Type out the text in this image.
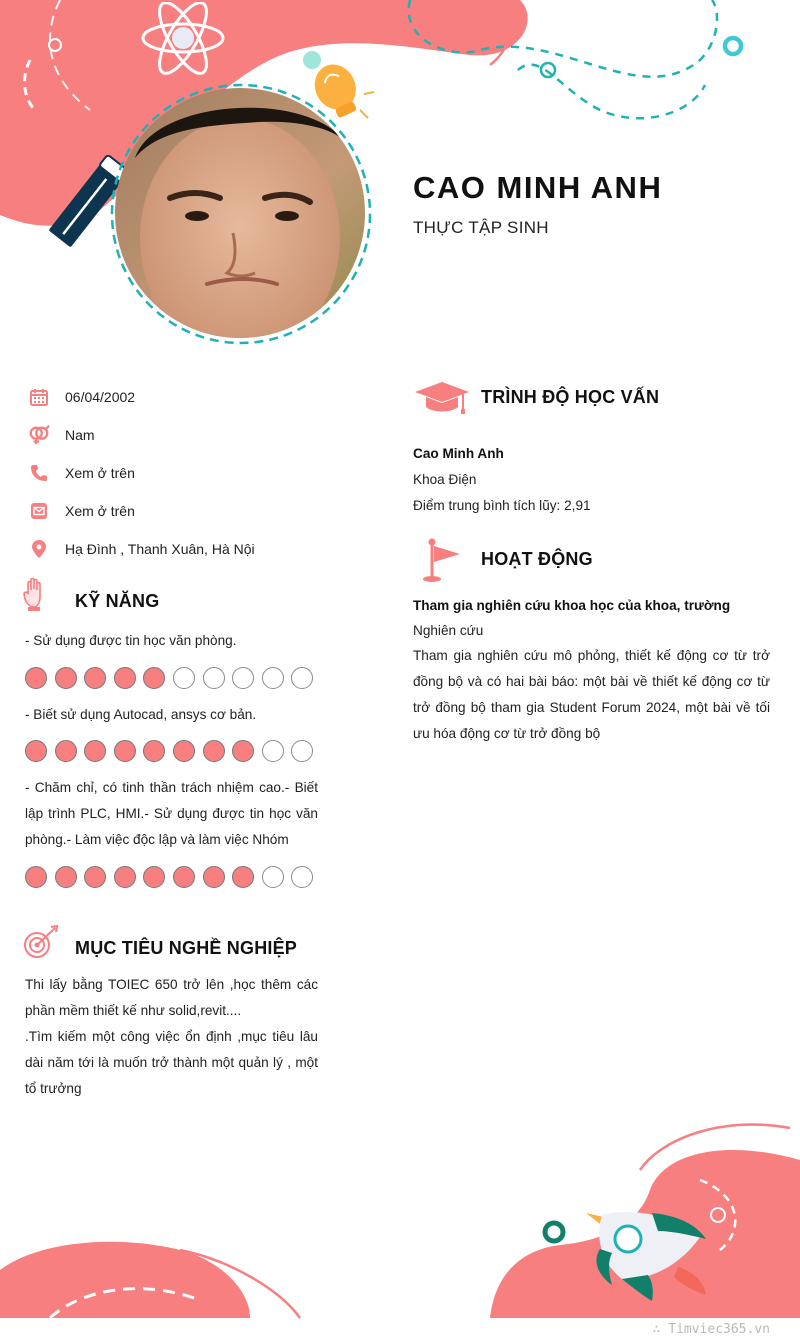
CAO MINH ANH
THỰC TẬP SINH
06/04/2002
Nam
Xem ở trên
Xem ở trên
Hạ Đình , Thanh Xuân, Hà Nội
KỸ NĂNG
- Sử dụng được tin học văn phòng.
- Biết sử dụng Autocad, ansys cơ bản.
- Chăm chỉ, có tinh thần trách nhiệm cao.- Biết lập trình PLC, HMI.- Sử dụng được tin học văn phòng.- Làm việc độc lập và làm việc Nhóm
MỤC TIÊU NGHỀ NGHIỆP
Thi lấy bằng TOIEC 650 trở lên ,học thêm các phần mềm thiết kế như solid,revit....
.Tìm kiếm một công việc ổn định ,mục tiêu lâu dài năm tới là muốn trở thành một quản lý , một tổ trưởng
TRÌNH ĐỘ HỌC VẤN
Cao Minh Anh
Khoa Điện
Điểm trung bình tích lũy: 2,91
HOẠT ĐỘNG
Tham gia nghiên cứu khoa học của khoa, trường
Nghiên cứu
Tham gia nghiên cứu mô phỏng, thiết kế động cơ từ trở đồng bộ và có hai bài báo: một bài về thiết kế động cơ từ trở đồng bộ tham gia Student Forum 2024, một bài về tối ưu hóa động cơ từ trở đồng bộ
∴ Timviec365.vn
